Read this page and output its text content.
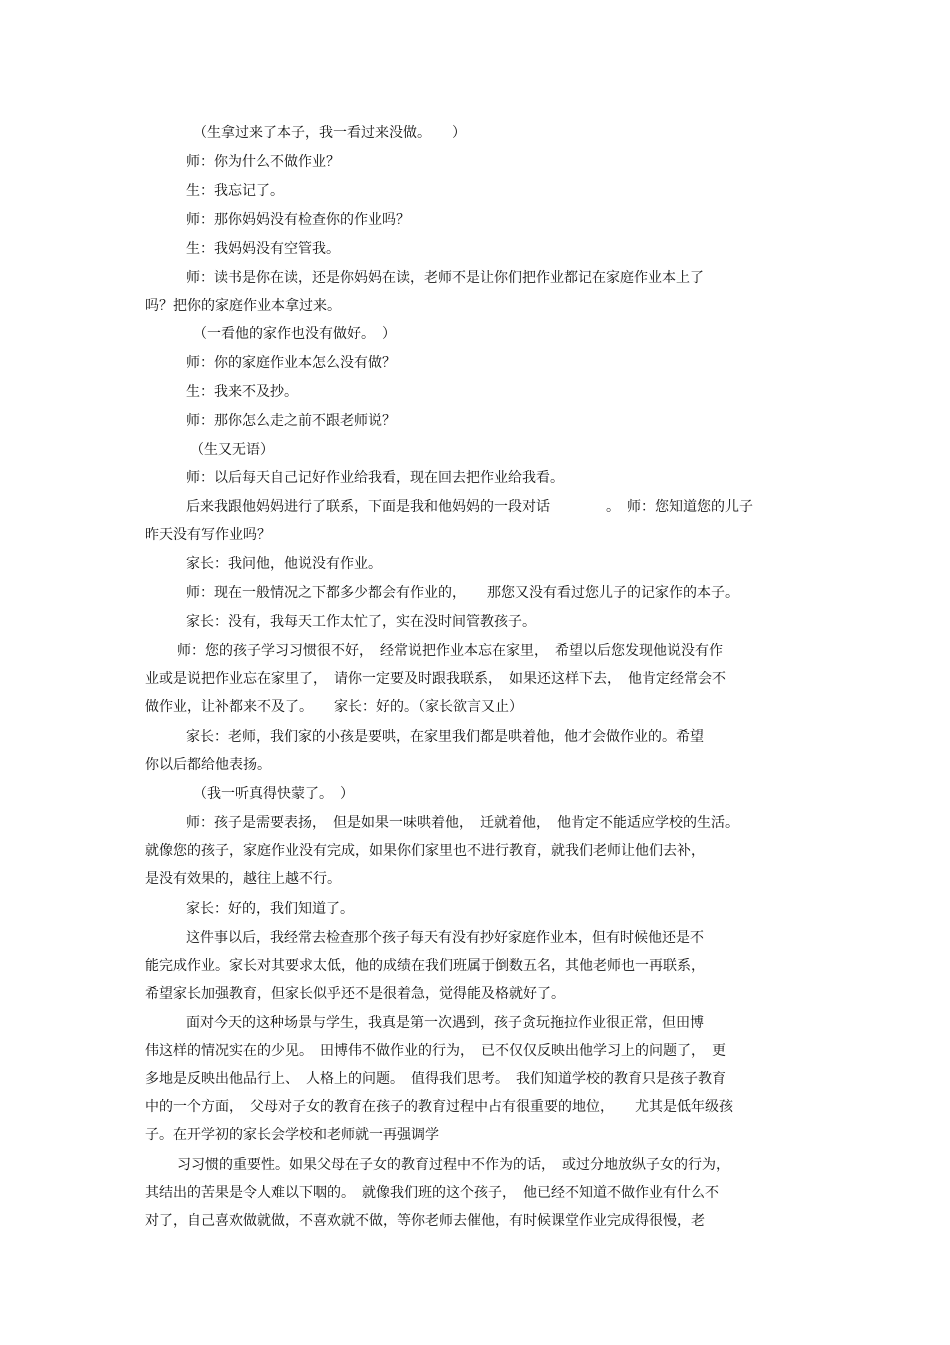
（生拿过来了本子，我一看过来没做。　　）
师：你为什么不做作业？
生：我忘记了。
师：那你妈妈没有检查你的作业吗？
生：我妈妈没有空管我。
师：读书是你在读，还是你妈妈在读，老师不是让你们把作业都记在家庭作业本上了
吗？把你的家庭作业本拿过来。
（一看他的家作也没有做好。　）
师：你的家庭作业本怎么没有做？
生：我来不及抄。
师：那你怎么走之前不跟老师说？
（生又无语）
师：以后每天自己记好作业给我看，现在回去把作业给我看。
后来我跟他妈妈进行了联系，下面是我和他妈妈的一段对话　　　　。　师：您知道您的儿子
昨天没有写作业吗？
家长：我问他，他说没有作业。
师：现在一般情况之下都多少都会有作业的，　　那您又没有看过您儿子的记家作的本子。
家长：没有，我每天工作太忙了，实在没时间管教孩子。
师：您的孩子学习习惯很不好，　经常说把作业本忘在家里，　希望以后您发现他说没有作
业或是说把作业忘在家里了，　请你一定要及时跟我联系，　如果还这样下去，　他肯定经常会不
做作业，让补都来不及了。　　家长：好的。（家长欲言又止）
家长：老师，我们家的小孩是要哄，在家里我们都是哄着他，他才会做作业的。希望
你以后都给他表扬。
（我一听真得快蒙了。　）
师：孩子是需要表扬，　但是如果一味哄着他，　迁就着他，　他肯定不能适应学校的生活。
就像您的孩子，家庭作业没有完成，如果你们家里也不进行教育，就我们老师让他们去补，
是没有效果的，越往上越不行。
家长：好的，我们知道了。
这件事以后，我经常去检查那个孩子每天有没有抄好家庭作业本，但有时候他还是不
能完成作业。家长对其要求太低，他的成绩在我们班属于倒数五名，其他老师也一再联系，
希望家长加强教育，但家长似乎还不是很着急，觉得能及格就好了。
面对今天的这种场景与学生，我真是第一次遇到，孩子贪玩拖拉作业很正常，但田博
伟这样的情况实在的少见。　田博伟不做作业的行为，　已不仅仅反映出他学习上的问题了，　更
多地是反映出他品行上、　人格上的问题。　值得我们思考。　我们知道学校的教育只是孩子教育
中的一个方面，　父母对子女的教育在孩子的教育过程中占有很重要的地位，　　尤其是低年级孩
子。在开学初的家长会学校和老师就一再强调学
习习惯的重要性。如果父母在子女的教育过程中不作为的话，　或过分地放纵子女的行为，
其结出的苦果是令人难以下咽的。　就像我们班的这个孩子，　他已经不知道不做作业有什么不
对了，自己喜欢做就做，不喜欢就不做，等你老师去催他，有时候课堂作业完成得很慢，老
